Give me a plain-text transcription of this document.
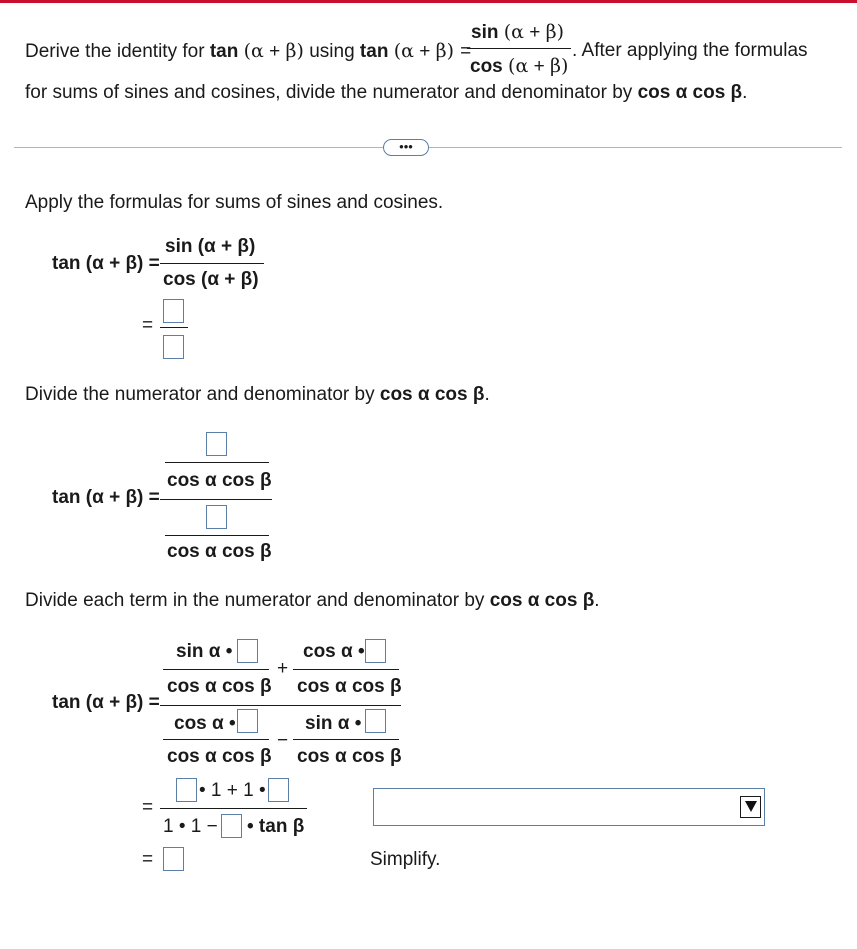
Derive the identity for tan (α + β) using tan (α + β) =
sin (α + β)
cos (α + β)
. After applying the formulas
for sums of sines and cosines, divide the numerator and denominator by cos α cos β.
•••
Apply the formulas for sums of sines and cosines.
tan (α + β) =
sin (α + β)
cos (α + β)
=
Divide the numerator and denominator by cos α cos β.
cos α cos β
tan (α + β) =
cos α cos β
Divide each term in the numerator and denominator by cos α cos β.
sin α •
cos α cos β
+
cos α •
cos α cos β
tan (α + β) =
cos α •
cos α cos β
−
sin α •
cos α cos β
• 1 + 1 •
=
1 • 1 − • tan β
=	Simplify.
